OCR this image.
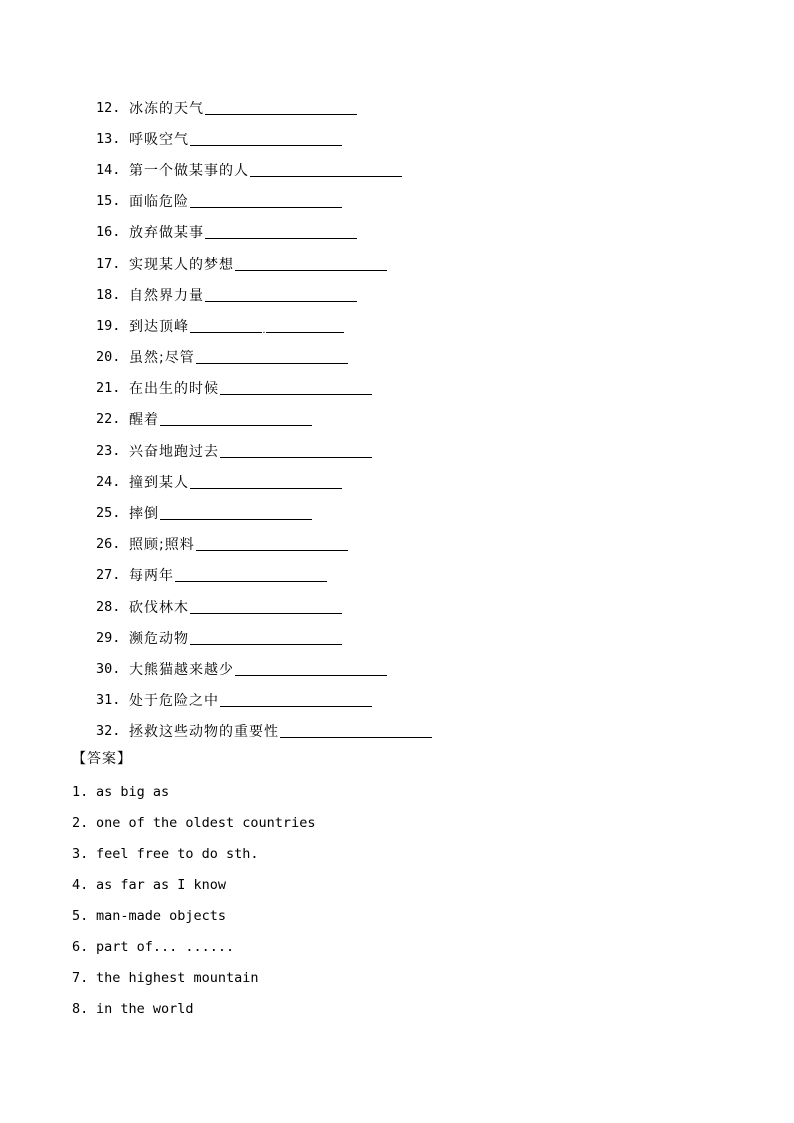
12. 冰冻的天气
13. 呼吸空气
14. 第一个做某事的人
15. 面临危险
16. 放弃做某事
17. 实现某人的梦想
18. 自然界力量
19. 到达顶峰	.
20. 虽然;尽管
21. 在出生的时候
22. 醒着
23. 兴奋地跑过去
24. 撞到某人
25. 摔倒
26. 照顾;照料
27. 每两年
28. 砍伐林木
29. 濒危动物
30. 大熊猫越来越少
31. 处于危险之中
32. 拯救这些动物的重要性
【答案】
1. as big as
2. one of the oldest countries
3. feel free to do sth.
4. as far as I know
5. man-made objects
6. part of... ......
7. the highest mountain
8. in the world
